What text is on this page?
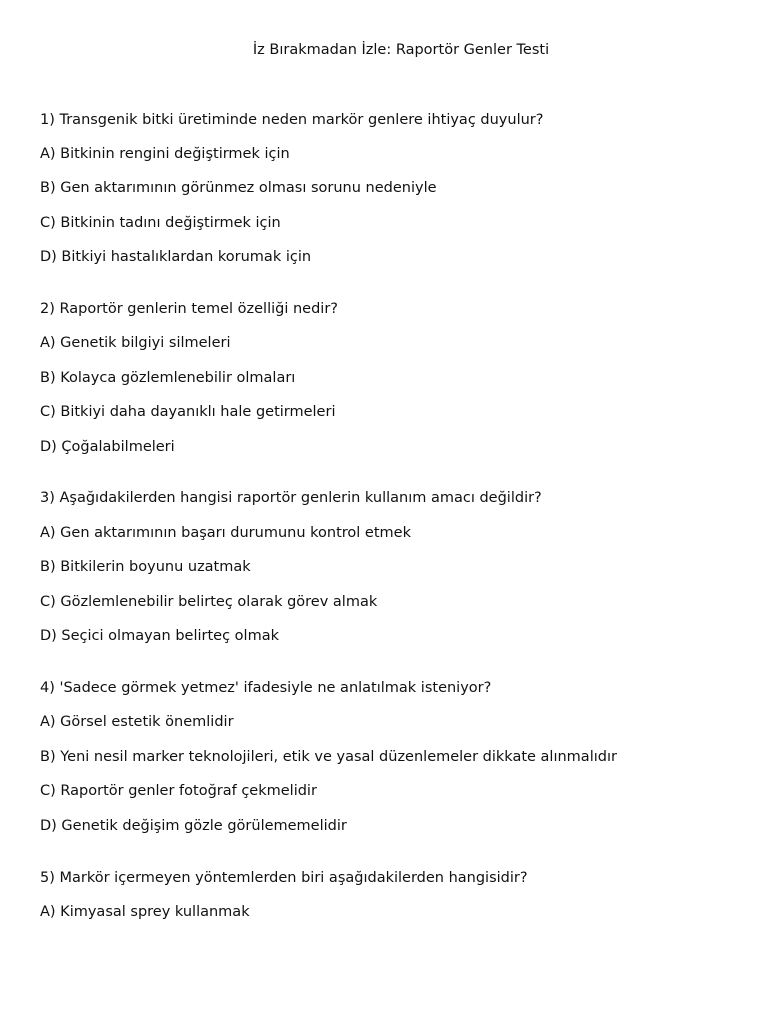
İz Bırakmadan İzle: Raportör Genler Testi

1) Transgenik bitki üretiminde neden markör genlere ihtiyaç duyulur?

A) Bitkinin rengini değiştirmek için

B) Gen aktarımının görünmez olması sorunu nedeniyle

C) Bitkinin tadını değiştirmek için

D) Bitkiyi hastalıklardan korumak için

2) Raportör genlerin temel özelliği nedir?

A) Genetik bilgiyi silmeleri

B) Kolayca gözlemlenebilir olmaları

C) Bitkiyi daha dayanıklı hale getirmeleri

D) Çoğalabilmeleri

3) Aşağıdakilerden hangisi raportör genlerin kullanım amacı değildir?

A) Gen aktarımının başarı durumunu kontrol etmek

B) Bitkilerin boyunu uzatmak

C) Gözlemlenebilir belirteç olarak görev almak

D) Seçici olmayan belirteç olmak

4) 'Sadece görmek yetmez' ifadesiyle ne anlatılmak isteniyor?

A) Görsel estetik önemlidir

B) Yeni nesil marker teknolojileri, etik ve yasal düzenlemeler dikkate alınmalıdır

C) Raportör genler fotoğraf çekmelidir

D) Genetik değişim gözle görülememelidir

5) Markör içermeyen yöntemlerden biri aşağıdakilerden hangisidir?

A) Kimyasal sprey kullanmak
